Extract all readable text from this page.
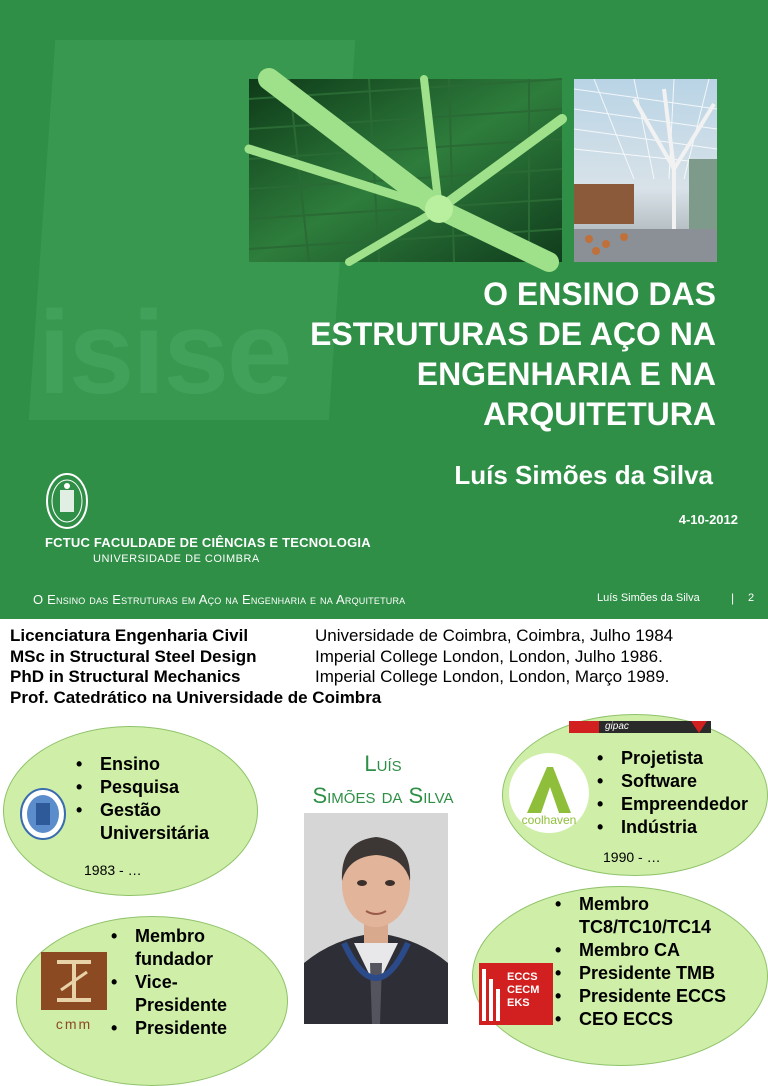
isise	O ENSINO DAS
ESTRUTURAS DE AÇO NA
ENGENHARIA E NA
ARQUITETURA
Luís Simões da Silva
4-10-2012
FCTUC FACULDADE DE CIÊNCIAS E TECNOLOGIA
UNIVERSIDADE DE COIMBRA
O Ensino das Estruturas em Aço na Engenharia e na Arquitetura	Luís Simões da Silva	| 2
Licenciatura Engenharia Civil	Universidade de Coimbra, Coimbra, Julho 1984
MSc in Structural Steel Design	Imperial College London, London, Julho 1986.
PhD in Structural Mechanics	Imperial College London, London, Março 1989.
Prof. Catedrático na Universidade de Coimbra
• Ensino
• Pesquisa
• Gestão
Universitária
1983 - …
Luís
Simões da Silva
gipac
coolhaven
• Projetista
• Software
• Empreendedor
• Indústria
1990 - …
cmm
• Membro
fundador
• Vice-
Presidente
• Presidente
ECCS CECM EKS
• Membro
TC8/TC10/TC14
• Membro CA
• Presidente TMB
• Presidente ECCS
• CEO ECCS
